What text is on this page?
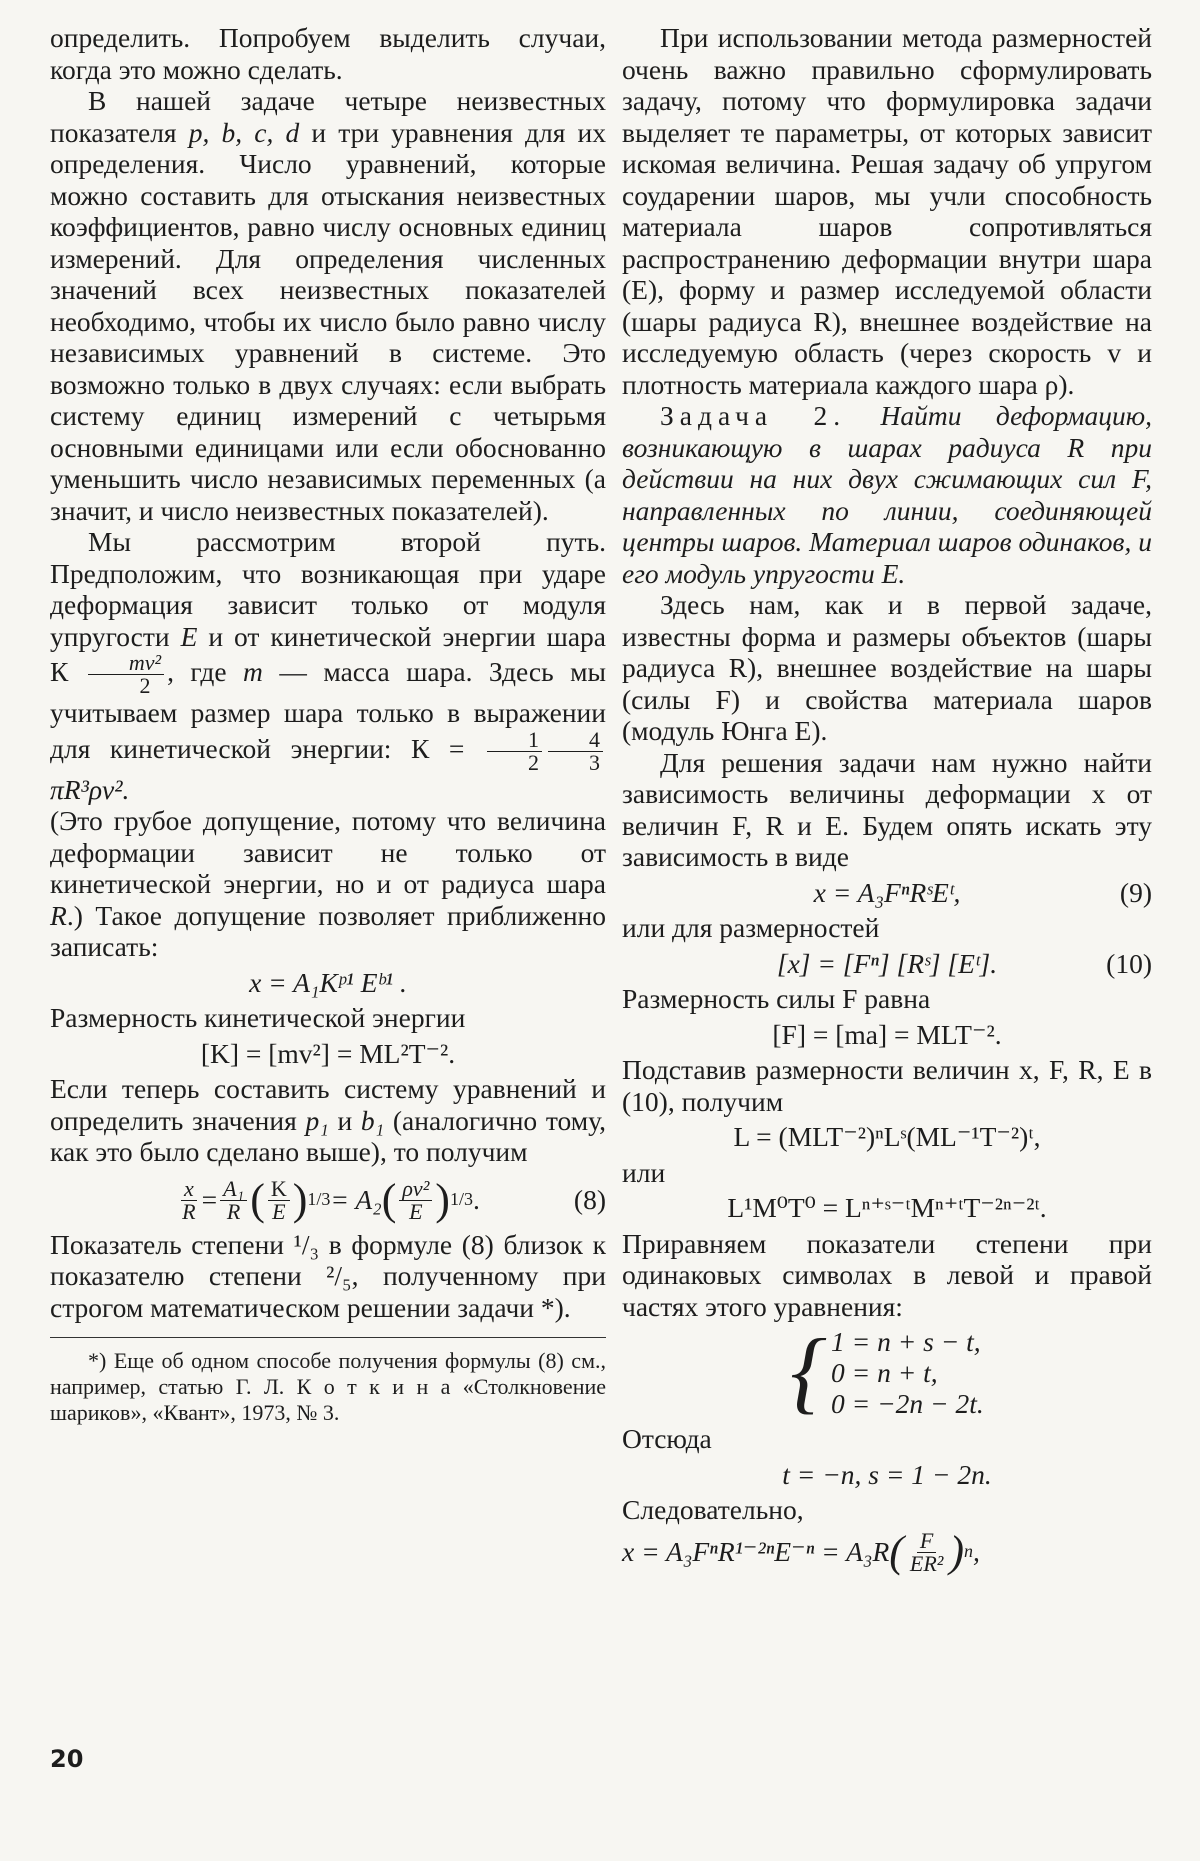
определить. Попробуем выделить случаи, когда это можно сделать.

В нашей задаче четыре неизвестных показателя p, b, c, d и три уравнения для их определения. Число уравнений, которые можно составить для отыскания неизвестных коэффициентов, равно числу основных единиц измерений. Для определения численных значений всех неизвестных показателей необходимо, чтобы их число было равно числу независимых уравнений в системе. Это возможно только в двух случаях: если выбрать систему единиц измерений с четырьмя основными единицами или если обоснованно уменьшить число независимых переменных (а значит, и число неизвестных показателей).

Мы рассмотрим второй путь. Предположим, что возникающая при ударе деформация зависит только от модуля упругости E и от кинетической энергии шара К $\frac{\text{mv²}}{2}$ , где m — масса шара. Здесь мы учитываем размер шара только в выражении для кинетической энергии: $К = \frac{1}{2} \frac{4}{3}$
πR³ρv².

(Это грубое допущение, потому что величина деформации зависит не только от кинетической энергии, но и от радиуса шара R.) Такое допущение позволяет приближенно записать:

x = A₁Kᵖ¹ Eᵇ¹ .

Размерность кинетической энергии

[K] = [mv²] = ML²T⁻².

Если теперь составить систему уравнений и определить значения p₁ и b₁ (аналогично тому, как это было сделано выше), то получим

$\frac{x}{R} = \frac{\text{A₁}}{R}$ ( $\frac{K}{E}$ ) 1/3 = A₂ ( $\frac{\text{ρv²}}{E}$ ) 1/3 .	(8)

Показатель степени ¹/₃ в формуле (8) близок к показателю степени ²/₅, полученному при строгом математическом решении задачи *).

*) Еще об одном способе получения формулы (8) см., например, статью Г. Л. К о т к и н а «Столкновение шариков», «Квант», 1973, № 3.

При использовании метода размерностей очень важно правильно сформулировать задачу, потому что формулировка задачи выделяет те параметры, от которых зависит искомая величина. Решая задачу об упругом соударении шаров, мы учли способность материала шаров сопротивляться распространению деформации внутри шара (E), форму и размер исследуемой области (шары радиуса R), внешнее воздействие на исследуемую область (через скорость v и плотность материала каждого шара ρ).

Задача 2. Найти деформацию, возникающую в шарах радиуса R при действии на них двух сжимающих сил F, направленных по линии, соединяющей центры шаров. Материал шаров одинаков, и его модуль упругости E.

Здесь нам, как и в первой задаче, известны форма и размеры объектов (шары радиуса R), внешнее воздействие на шары (силы F) и свойства материала шаров (модуль Юнга E).

Для решения задачи нам нужно найти зависимость величины деформации x от величин F, R и E. Будем опять искать эту зависимость в виде

x = A₃FⁿRˢEᵗ,	(9)

или для размерностей

[x] = [Fⁿ] [Rˢ] [Eᵗ].	(10)

Размерность силы F равна

[F] = [ma] = MLT⁻².

Подставив размерности величин x, F, R, E в (10), получим

L = (MLT⁻²)ⁿLˢ(ML⁻¹T⁻²)ᵗ,

или

L¹M⁰T⁰ = Lⁿ⁺ˢ⁻ᵗMⁿ⁺ᵗT⁻²ⁿ⁻²ᵗ.

Приравняем показатели степени при одинаковых символах в левой и правой частях этого уравнения:

{ 1 = n + s − t,
0 = n + t,
0 = −2n − 2t.

Отсюда

t = −n, s = 1 − 2n.

Следовательно,

x = A₃FⁿR¹⁻²ⁿE⁻ⁿ = A₃R ( $\frac{F}{\text{ER²}}$ ) n ,
20
